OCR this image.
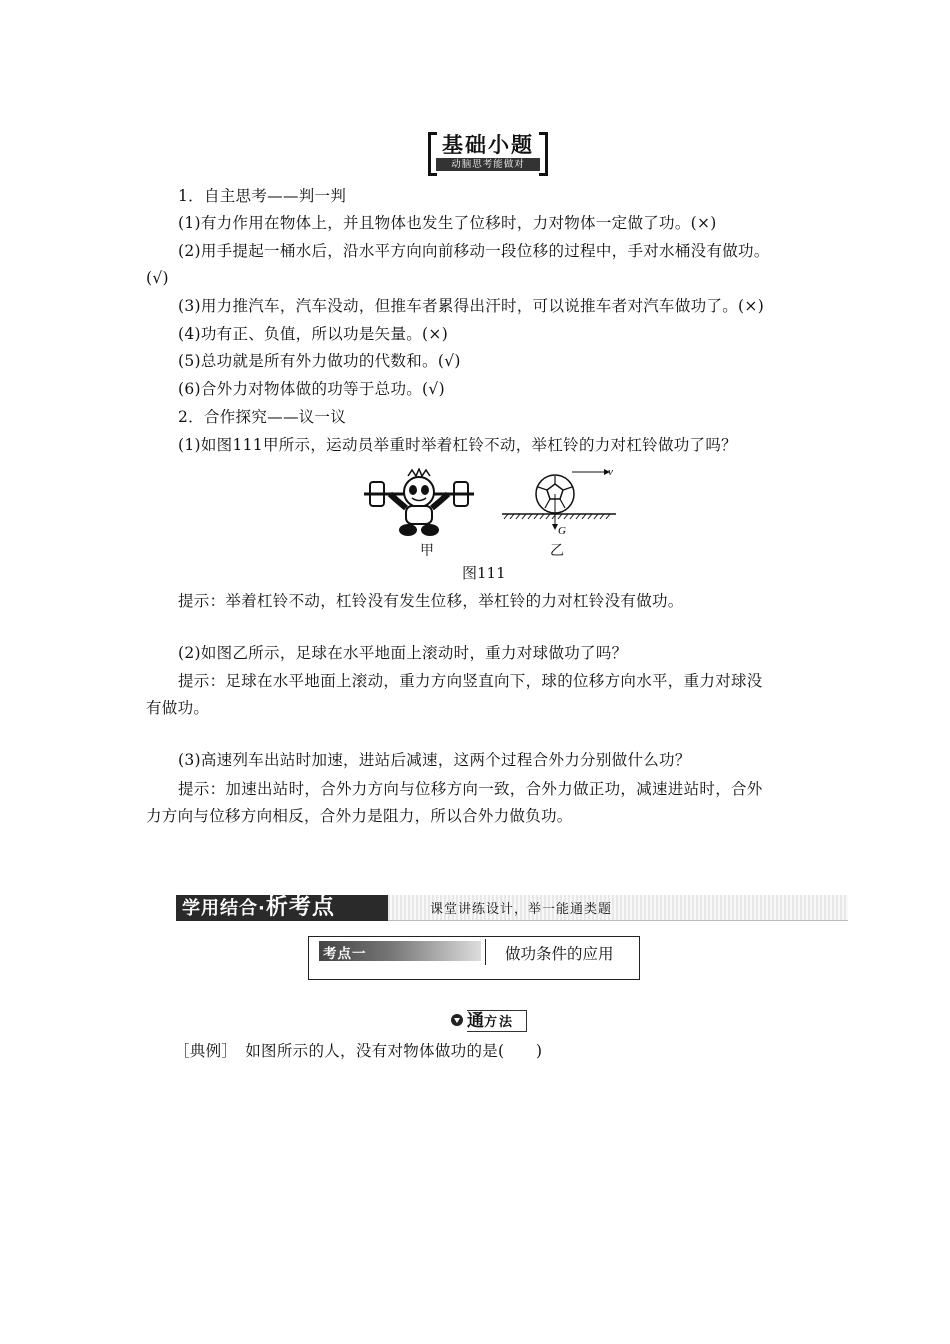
基础小题
动脑思考能做对
1．自主思考——判一判
(1)有力作用在物体上，并且物体也发生了位移时，力对物体一定做了功。(×)
(2)用手提起一桶水后，沿水平方向向前移动一段位移的过程中，手对水桶没有做功。
(√)
(3)用力推汽车，汽车没动，但推车者累得出汗时，可以说推车者对汽车做功了。(×)
(4)功有正、负值，所以功是矢量。(×)
(5)总功就是所有外力做功的代数和。(√)
(6)合外力对物体做的功等于总功。(√)
2．合作探究——议一议
(1)如图111甲所示，运动员举重时举着杠铃不动，举杠铃的力对杠铃做功了吗？
v
G
甲	乙
图111
提示：举着杠铃不动，杠铃没有发生位移，举杠铃的力对杠铃没有做功。
(2)如图乙所示，足球在水平地面上滚动时，重力对球做功了吗？
提示：足球在水平地面上滚动，重力方向竖直向下，球的位移方向水平，重力对球没
有做功。
(3)高速列车出站时加速，进站后减速，这两个过程合外力分别做什么功？
提示：加速出站时，合外力方向与位移方向一致，合外力做正功，减速进站时，合外
力方向与位移方向相反，合外力是阻力，所以合外力做负功。
学用结合·析考点	课堂讲练设计，举一能通类题
考点一	做功条件的应用
通方法
［典例］　如图所示的人，没有对物体做功的是(　　)
